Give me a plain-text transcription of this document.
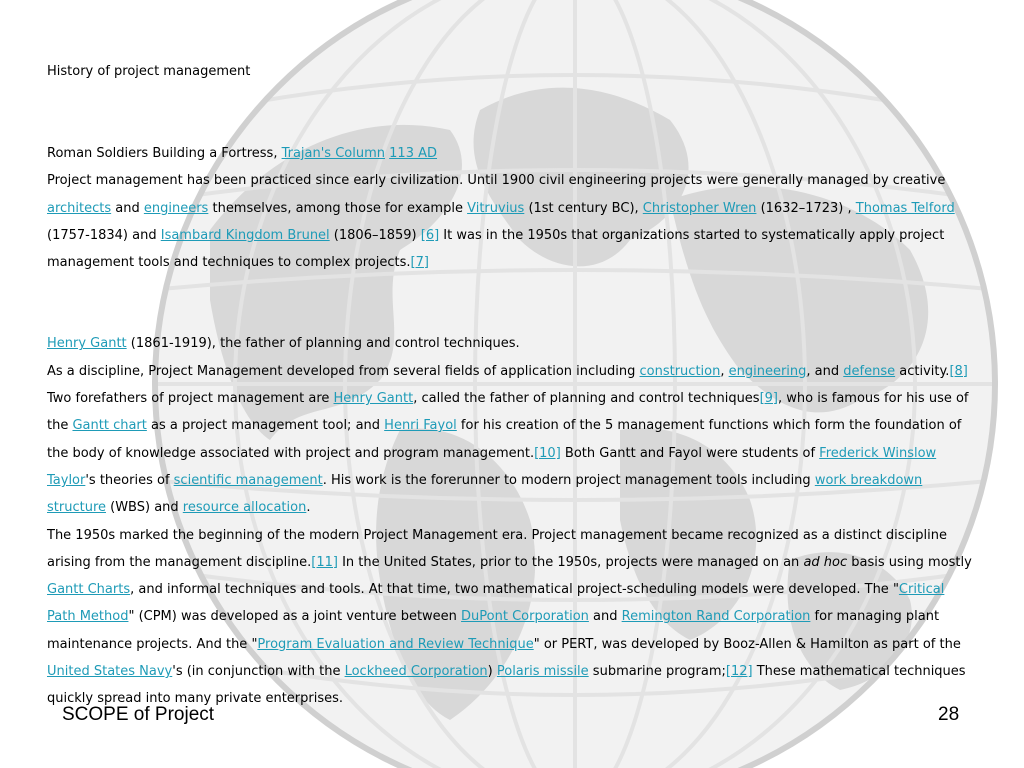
History of project management

Roman Soldiers Building a Fortress, Trajan's Column 113 AD

Project management has been practiced since early civilization. Until 1900 civil engineering projects were generally managed by creative architects and engineers themselves, among those for example Vitruvius (1st century BC), Christopher Wren (1632–1723) , Thomas Telford (1757-1834) and Isambard Kingdom Brunel (1806–1859) [6] It was in the 1950s that organizations started to systematically apply project management tools and techniques to complex projects.[7]

Henry Gantt (1861-1919), the father of planning and control techniques.

As a discipline, Project Management developed from several fields of application including construction, engineering, and defense activity.[8] Two forefathers of project management are Henry Gantt, called the father of planning and control techniques[9], who is famous for his use of the Gantt chart as a project management tool; and Henri Fayol for his creation of the 5 management functions which form the foundation of the body of knowledge associated with project and program management.[10] Both Gantt and Fayol were students of Frederick Winslow Taylor's theories of scientific management. His work is the forerunner to modern project management tools including work breakdown structure (WBS) and resource allocation.

The 1950s marked the beginning of the modern Project Management era. Project management became recognized as a distinct discipline arising from the management discipline.[11] In the United States, prior to the 1950s, projects were managed on an ad hoc basis using mostly Gantt Charts, and informal techniques and tools. At that time, two mathematical project-scheduling models were developed. The "Critical Path Method" (CPM) was developed as a joint venture between DuPont Corporation and Remington Rand Corporation for managing plant maintenance projects. And the "Program Evaluation and Review Technique" or PERT, was developed by Booz-Allen & Hamilton as part of the United States Navy's (in conjunction with the Lockheed Corporation) Polaris missile submarine program;[12] These mathematical techniques quickly spread into many private enterprises.

SCOPE of Project	28
